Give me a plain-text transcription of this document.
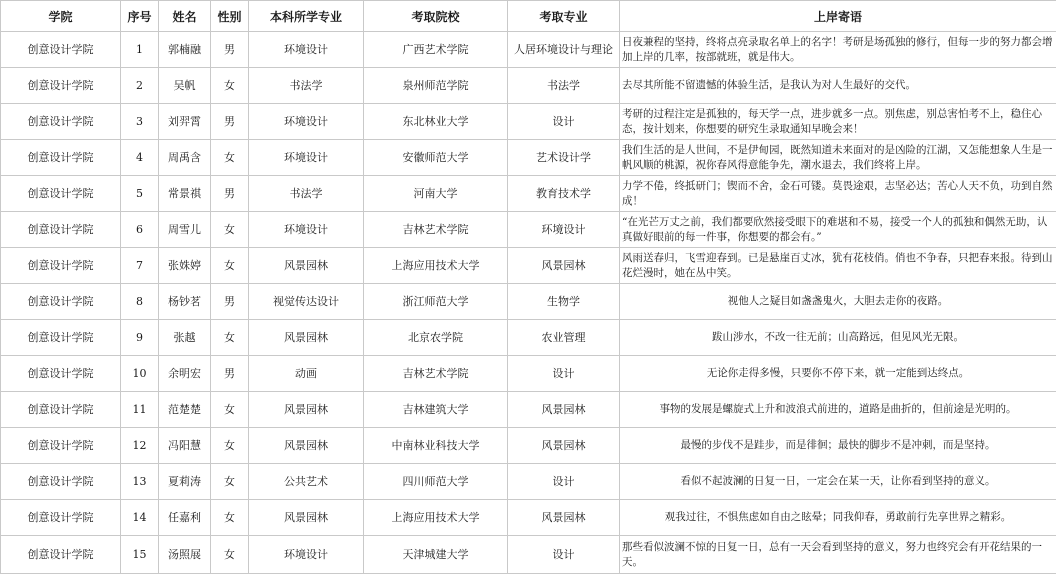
学院	序号	姓名	性别	本科所学专业	考取院校	考取专业	上岸寄语
创意设计学院	1	郭楠融	男	环境设计	广西艺术学院	人居环境设计与理论	日夜兼程的坚持，终将点亮录取名单上的名字！考研是场孤独的修行，但每一步的努力都会增加上岸的几率，按部就班，就是伟大。
创意设计学院	2	吴帆	女	书法学	泉州师范学院	书法学	去尽其所能不留遗憾的体验生活，是我认为对人生最好的交代。
创意设计学院	3	刘羿霄	男	环境设计	东北林业大学	设计	考研的过程注定是孤独的，每天学一点，进步就多一点。别焦虑，别总害怕考不上，稳住心态，按计划来，你想要的研究生录取通知早晚会来！
创意设计学院	4	周禹含	女	环境设计	安徽师范大学	艺术设计学	我们生活的是人世间，不是伊甸园，既然知道未来面对的是凶险的江湖，又怎能想象人生是一帆风顺的桃源，祝你春风得意能争先，潮水退去，我们终将上岸。
创意设计学院	5	常景祺	男	书法学	河南大学	教育技术学	力学不倦，终抵研门；锲而不舍，金石可镂。莫畏途艰，志坚必达；苦心人天不负，功到自然成！
创意设计学院	6	周雪儿	女	环境设计	吉林艺术学院	环境设计	“在光芒万丈之前，我们都要欣然接受眼下的难堪和不易，接受一个人的孤独和偶然无助，认真做好眼前的每一件事，你想要的都会有。”
创意设计学院	7	张姝婷	女	风景园林	上海应用技术大学	风景园林	风雨送春归，飞雪迎春到。已是悬崖百丈冰，犹有花枝俏。俏也不争春，只把春来报。待到山花烂漫时，她在丛中笑。
创意设计学院	8	杨钞茗	男	视觉传达设计	浙江师范大学	生物学	视他人之疑目如盏盏鬼火，大胆去走你的夜路。
创意设计学院	9	张越	女	风景园林	北京农学院	农业管理	跋山涉水，不改一往无前；山高路远，但见风光无限。
创意设计学院	10	余明宏	男	动画	吉林艺术学院	设计	无论你走得多慢，只要你不停下来，就一定能到达终点。
创意设计学院	11	范楚楚	女	风景园林	吉林建筑大学	风景园林	事物的发展是螺旋式上升和波浪式前进的，道路是曲折的，但前途是光明的。
创意设计学院	12	冯阳慧	女	风景园林	中南林业科技大学	风景园林	最慢的步伐不是跬步，而是徘徊；最快的脚步不是冲刺，而是坚持。
创意设计学院	13	夏莉涛	女	公共艺术	四川师范大学	设计	看似不起波澜的日复一日，一定会在某一天，让你看到坚持的意义。
创意设计学院	14	任嘉利	女	风景园林	上海应用技术大学	风景园林	观我过往，不惧焦虑如自由之眩晕；同我仰春，勇敢前行先享世界之精彩。
创意设计学院	15	汤照展	女	环境设计	天津城建大学	设计	那些看似波澜不惊的日复一日，总有一天会看到坚持的意义，努力也终究会有开花结果的一天。
